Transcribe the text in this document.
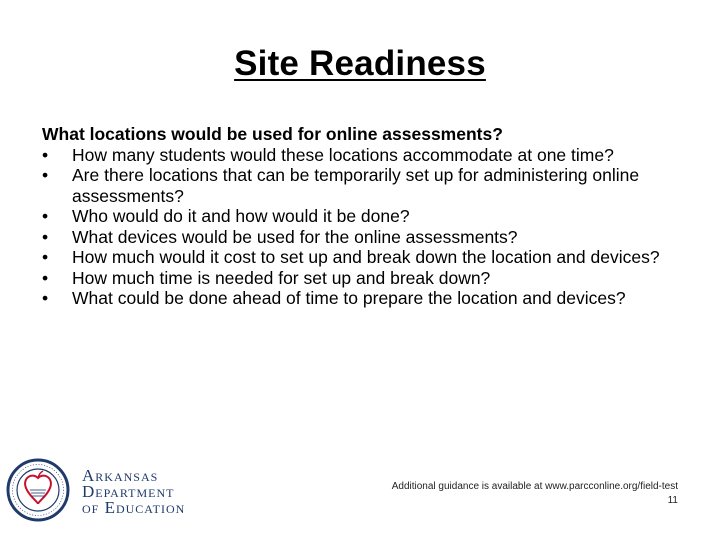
Site Readiness
What locations would be used for online assessments?
•	How many students would these locations accommodate at one time?
•	Are there locations that can be temporarily set up for administering online assessments?
•	Who would do it and how would it be done?
•	What devices would be used for the online assessments?
•	How much would it cost to set up and break down the location and devices?
•	How much time is needed for set up and break down?
•	What could be done ahead of time to prepare the location and devices?
Arkansas
Department
of Education
Additional guidance is available at www.parcconline.org/field-test
11
